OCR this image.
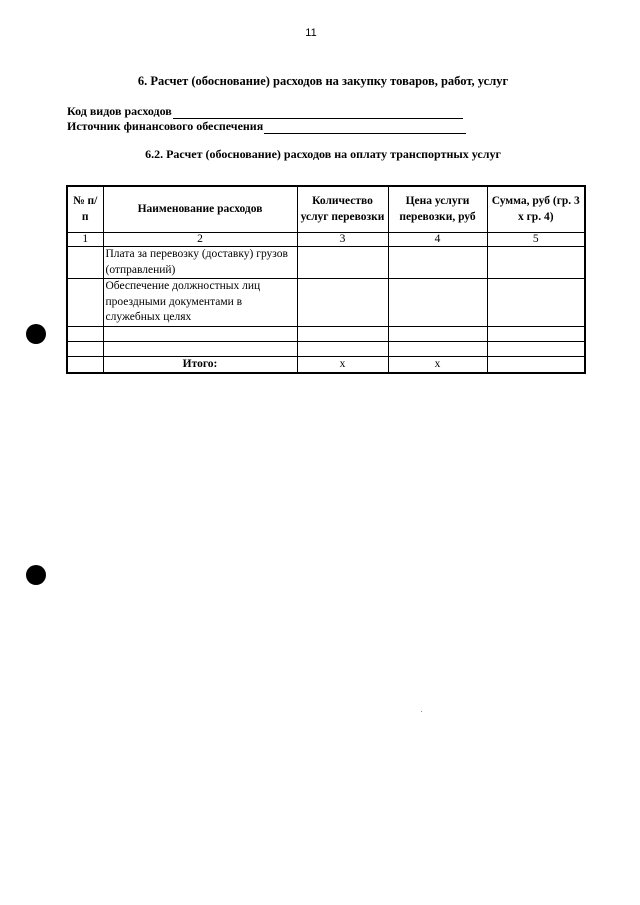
11
6. Расчет (обоснование) расходов на закупку товаров, работ, услуг
Код видов расходов
Источник финансового обеспечения
6.2. Расчет (обоснование) расходов на оплату транспортных услуг
№ п/п	Наименование расходов	Количество услуг перевозки	Цена услуги перевозки, руб	Сумма, руб (гр. 3 х гр. 4)
1	2	3	4	5
	Плата за перевозку (доставку) грузов (отправлений)			
	Обеспечение должностных лиц проездными документами в служебных целях			

	Итого:	х	х	
